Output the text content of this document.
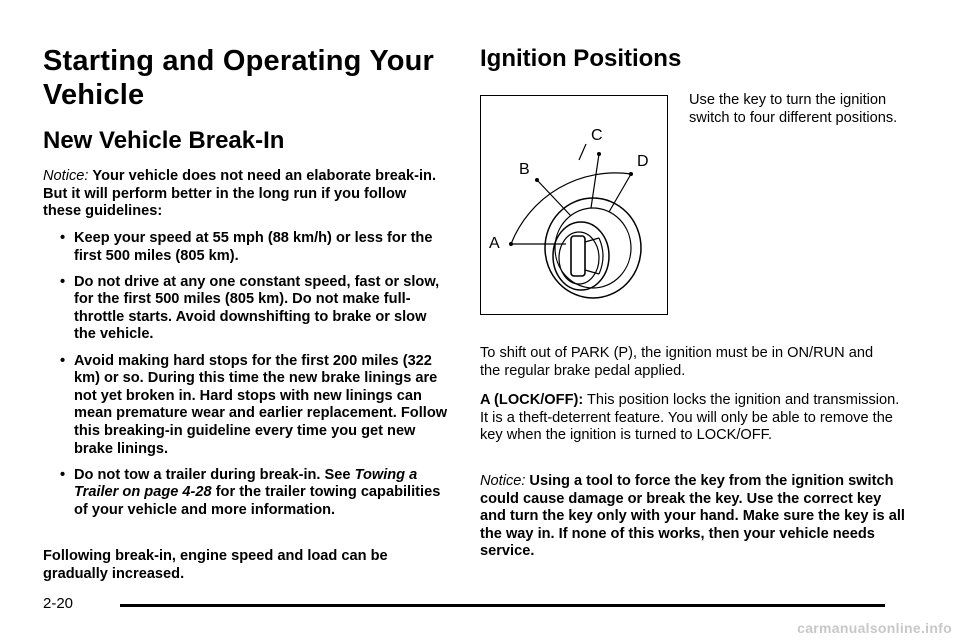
Starting and Operating Your Vehicle
New Vehicle Break-In
Notice: Your vehicle does not need an elaborate break-in. But it will perform better in the long run if you follow these guidelines:
• Keep your speed at 55 mph (88 km/h) or less for the first 500 miles (805 km).
• Do not drive at any one constant speed, fast or slow, for the first 500 miles (805 km). Do not make full-throttle starts. Avoid downshifting to brake or slow the vehicle.
• Avoid making hard stops for the first 200 miles (322 km) or so. During this time the new brake linings are not yet broken in. Hard stops with new linings can mean premature wear and earlier replacement. Follow this breaking-in guideline every time you get new brake linings.
• Do not tow a trailer during break-in. See Towing a Trailer on page 4-28 for the trailer towing capabilities of your vehicle and more information.
Following break-in, engine speed and load can be gradually increased.
Ignition Positions
A
B
C
D
Use the key to turn the ignition switch to four different positions.
To shift out of PARK (P), the ignition must be in ON/RUN and the regular brake pedal applied.
A (LOCK/OFF): This position locks the ignition and transmission. It is a theft-deterrent feature. You will only be able to remove the key when the ignition is turned to LOCK/OFF.
Notice: Using a tool to force the key from the ignition switch could cause damage or break the key. Use the correct key and turn the key only with your hand. Make sure the key is all the way in. If none of this works, then your vehicle needs service.
2-20
carmanualsonline.info
